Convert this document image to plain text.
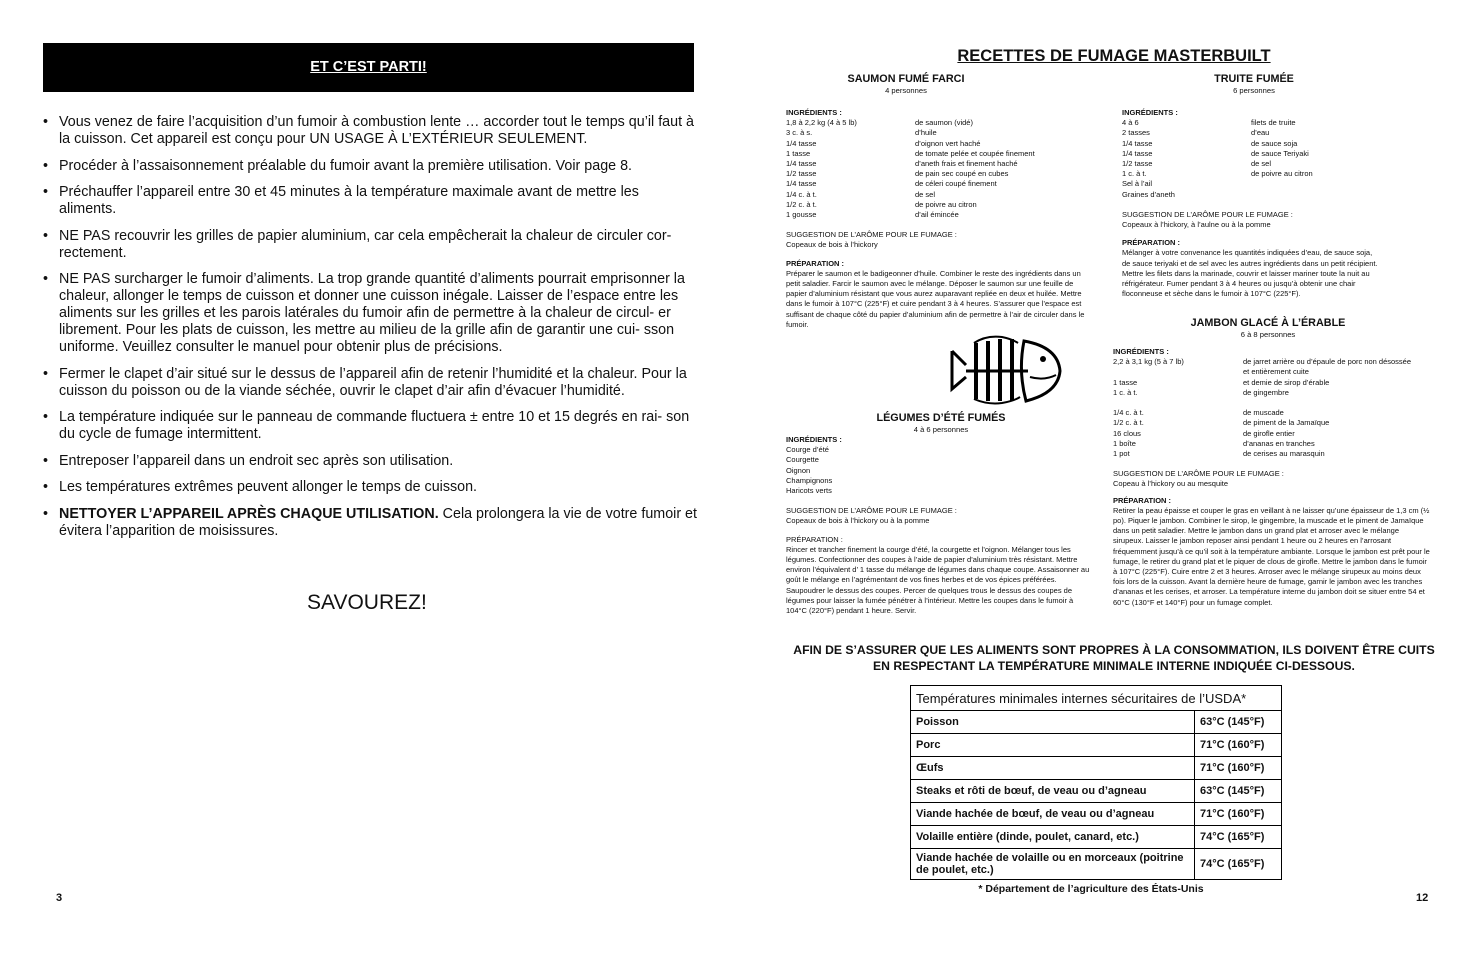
ET C’EST PARTI!
• Vous venez de faire l’acquisition d’un fumoir à combustion lente … accorder tout le temps qu’il faut à la cuisson. Cet appareil est conçu pour UN USAGE À L’EXTÉRIEUR SEULEMENT.
• Procéder à l’assaisonnement préalable du fumoir avant la première utilisation. Voir page 8.
• Préchauffer l’appareil entre 30 et 45 minutes à la température maximale avant de mettre les aliments.
• NE PAS recouvrir les grilles de papier aluminium, car cela empêcherait la chaleur de circuler cor- rectement.
• NE PAS surcharger le fumoir d’aliments. La trop grande quantité d’aliments pourrait emprisonner la chaleur, allonger le temps de cuisson et donner une cuisson inégale. Laisser de l’espace entre les aliments sur les grilles et les parois latérales du fumoir afin de permettre à la chaleur de circul- er librement. Pour les plats de cuisson, les mettre au milieu de la grille afin de garantir une cui- sson uniforme. Veuillez consulter le manuel pour obtenir plus de précisions.
• Fermer le clapet d’air situé sur le dessus de l’appareil afin de retenir l’humidité et la chaleur. Pour la cuisson du poisson ou de la viande séchée, ouvrir le clapet d’air afin d’évacuer l’humidité.
• La température indiquée sur le panneau de commande fluctuera ± entre 10 et 15 degrés en rai- son du cycle de fumage intermittent.
• Entreposer l’appareil dans un endroit sec après son utilisation.
• Les températures extrêmes peuvent allonger le temps de cuisson.
• NETTOYER L’APPAREIL APRÈS CHAQUE UTILISATION. Cela prolongera la vie de votre fumoir et évitera l’apparition de moisissures.
SAVOUREZ!
3
RECETTES DE FUMAGE MASTERBUILT
SAUMON FUMÉ FARCI
4 personnes
INGRÉDIENTS :
1,8 à 2,2 kg (4 à 5 lb)	de saumon (vidé)
3 c. à s.	d’huile
1/4 tasse	d’oignon vert haché
1 tasse	de tomate pelée et coupée finement
1/4 tasse	d’aneth frais et finement haché
1/2 tasse	de pain sec coupé en cubes
1/4 tasse	de céleri coupé finement
1/4 c. à t.	de sel
1/2 c. à t.	de poivre au citron
1 gousse	d’ail émincée
SUGGESTION DE L’ARÔME POUR LE FUMAGE :
Copeaux de bois à l’hickory
PRÉPARATION :
Préparer le saumon et le badigeonner d’huile. Combiner le reste des ingrédients dans un petit saladier. Farcir le saumon avec le mélange. Déposer le saumon sur une feuille de papier d’aluminium résistant que vous aurez auparavant repliée en deux et huilée. Mettre dans le fumoir à 107°C (225°F) et cuire pendant 3 à 4 heures. S’assurer que l’espace est suffisant de chaque côté du papier d’aluminium afin de permettre à l’air de circuler dans le fumoir.
LÉGUMES D’ÉTÉ FUMÉS
4 à 6 personnes
INGRÉDIENTS :
Courge d’été
Courgette
Oignon
Champignons
Haricots verts
SUGGESTION DE L’ARÔME POUR LE FUMAGE :
Copeaux de bois à l’hickory ou à la pomme
PRÉPARATION :
Rincer et trancher finement la courge d’été, la courgette et l’oignon. Mélanger tous les légumes. Confectionner des coupes à l’aide de papier d’aluminium très résistant. Mettre environ l’équivalent d’ 1 tasse du mélange de légumes dans chaque coupe. Assaisonner au goût le mélange en l’agrémentant de vos fines herbes et de vos épices préférées. Saupoudrer le dessus des coupes. Percer de quelques trous le dessus des coupes de légumes pour laisser la fumée pénétrer à l’intérieur. Mettre les coupes dans le fumoir à 104°C (220°F) pendant 1 heure. Servir.
TRUITE FUMÉE
6 personnes
INGRÉDIENTS :
4 à 6	filets de truite
2 tasses	d’eau
1/4 tasse	de sauce soja
1/4 tasse	de sauce Teriyaki
1/2 tasse	de sel
1 c. à t.	de poivre au citron
Sel à l’ail
Graines d’aneth
SUGGESTION DE L’ARÔME POUR LE FUMAGE :
Copeaux à l’hickory, à l’aulne ou à la pomme
PRÉPARATION :
Mélanger à votre convenance les quantités indiquées d’eau, de sauce soja, de sauce teriyaki et de sel avec les autres ingrédients dans un petit récipient. Mettre les filets dans la marinade, couvrir et laisser mariner toute la nuit au réfrigérateur. Fumer pendant 3 à 4 heures ou jusqu’à obtenir une chair floconneuse et sèche dans le fumoir à 107°C (225°F).
JAMBON GLACÉ À L’ÉRABLE
6 à 8 personnes
INGRÉDIENTS :
2,2 à 3,1 kg (5 à 7 lb)	de jarret arrière ou d’épaule de porc non désossée
et entièrement cuite
1 tasse	et demie de sirop d’érable
1 c. à t.	de gingembre
1/4 c. à t.	de muscade
1/2 c. à t.	de piment de la Jamaïque
16 clous	de girofle entier
1 boîte	d’ananas en tranches
1 pot	de cerises au marasquin
SUGGESTION DE L’ARÔME POUR LE FUMAGE :
Copeau à l’hickory ou au mesquite
PRÉPARATION :
Retirer la peau épaisse et couper le gras en veillant à ne laisser qu’une épaisseur de 1,3 cm (½ po). Piquer le jambon. Combiner le sirop, le gingembre, la muscade et le piment de Jamaïque dans un petit saladier. Mettre le jambon dans un grand plat et arroser avec le mélange sirupeux. Laisser le jambon reposer ainsi pendant 1 heure ou 2 heures en l’arrosant fréquemment jusqu’à ce qu’il soit à la température ambiante. Lorsque le jambon est prêt pour le fumage, le retirer du grand plat et le piquer de clous de girofle. Mettre le jambon dans le fumoir à 107°C (225°F). Cuire entre 2 et 3 heures. Arroser avec le mélange sirupeux au moins deux fois lors de la cuisson. Avant la dernière heure de fumage, garnir le jambon avec les tranches d’ananas et les cerises, et arroser. La température interne du jambon doit se situer entre 54 et 60°C (130°F et 140°F) pour un fumage complet.
AFIN DE S’ASSURER QUE LES ALIMENTS SONT PROPRES À LA CONSOMMATION, ILS DOIVENT ÊTRE CUITS EN RESPECTANT LA TEMPÉRATURE MINIMALE INTERNE INDIQUÉE CI-DESSOUS.
Températures minimales internes sécuritaires de l’USDA*	
Poisson	63°C (145°F)
Porc	71°C (160°F)
Œufs	71°C (160°F)
Steaks et rôti de bœuf, de veau ou d’agneau	63°C (145°F)
Viande hachée de bœuf, de veau ou d’agneau	71°C (160°F)
Volaille entière (dinde, poulet, canard, etc.)	74°C (165°F)
Viande hachée de volaille ou en morceaux (poitrine de poulet, etc.)	74°C (165°F)
* Département de l’agriculture des États-Unis
12
